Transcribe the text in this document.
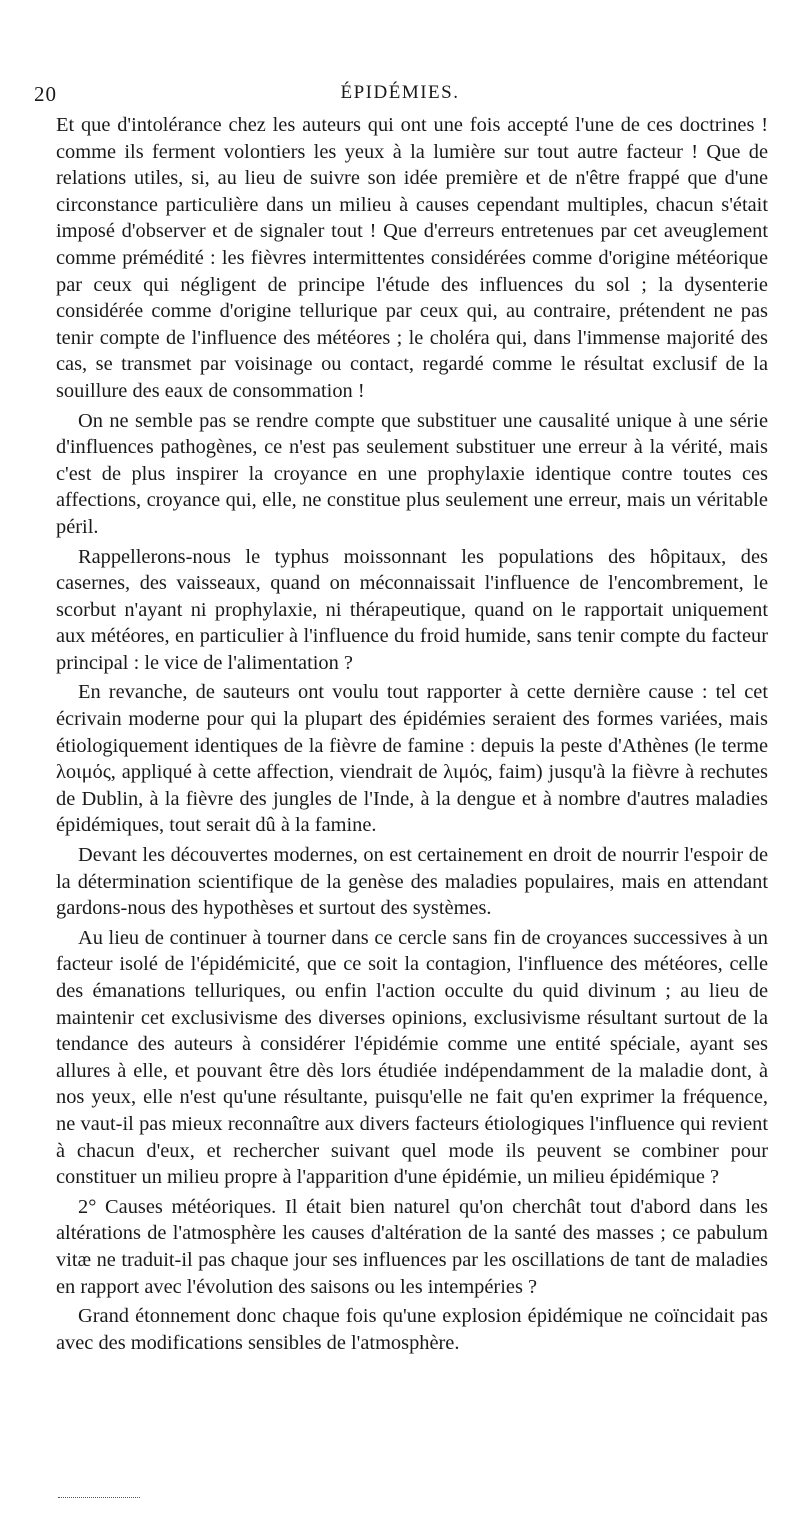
20	ÉPIDÉMIES.

Et que d'intolérance chez les auteurs qui ont une fois accepté l'une de ces doctrines ! comme ils ferment volontiers les yeux à la lumière sur tout autre facteur ! Que de relations utiles, si, au lieu de suivre son idée première et de n'être frappé que d'une circonstance particulière dans un milieu à causes cependant multiples, chacun s'était imposé d'observer et de signaler tout ! Que d'erreurs entretenues par cet aveuglement comme prémédité : les fièvres intermittentes considérées comme d'origine météorique par ceux qui négligent de principe l'étude des influences du sol ; la dysenterie considérée comme d'origine tellurique par ceux qui, au contraire, prétendent ne pas tenir compte de l'influence des météores ; le choléra qui, dans l'immense majorité des cas, se transmet par voisinage ou contact, regardé comme le résultat exclusif de la souillure des eaux de consommation !

On ne semble pas se rendre compte que substituer une causalité unique à une série d'influences pathogènes, ce n'est pas seulement substituer une erreur à la vérité, mais c'est de plus inspirer la croyance en une prophylaxie identique contre toutes ces affections, croyance qui, elle, ne constitue plus seulement une erreur, mais un véritable péril.

Rappellerons-nous le typhus moissonnant les populations des hôpitaux, des casernes, des vaisseaux, quand on méconnaissait l'influence de l'encombrement, le scorbut n'ayant ni prophylaxie, ni thérapeutique, quand on le rapportait uniquement aux météores, en particulier à l'influence du froid humide, sans tenir compte du facteur principal : le vice de l'alimentation ?

En revanche, de sauteurs ont voulu tout rapporter à cette dernière cause : tel cet écrivain moderne pour qui la plupart des épidémies seraient des formes variées, mais étiologiquement identiques de la fièvre de famine : depuis la peste d'Athènes (le terme λοιμός, appliqué à cette affection, viendrait de λιμός, faim) jusqu'à la fièvre à rechutes de Dublin, à la fièvre des jungles de l'Inde, à la dengue et à nombre d'autres maladies épidémiques, tout serait dû à la famine.

Devant les découvertes modernes, on est certainement en droit de nourrir l'espoir de la détermination scientifique de la genèse des maladies populaires, mais en attendant gardons-nous des hypothèses et surtout des systèmes.

Au lieu de continuer à tourner dans ce cercle sans fin de croyances successives à un facteur isolé de l'épidémicité, que ce soit la contagion, l'influence des météores, celle des émanations telluriques, ou enfin l'action occulte du quid divinum ; au lieu de maintenir cet exclusivisme des diverses opinions, exclusivisme résultant surtout de la tendance des auteurs à considérer l'épidémie comme une entité spéciale, ayant ses allures à elle, et pouvant être dès lors étudiée indépendamment de la maladie dont, à nos yeux, elle n'est qu'une résultante, puisqu'elle ne fait qu'en exprimer la fréquence, ne vaut-il pas mieux reconnaître aux divers facteurs étiologiques l'influence qui revient à chacun d'eux, et rechercher suivant quel mode ils peuvent se combiner pour constituer un milieu propre à l'apparition d'une épidémie, un milieu épidémique ?

2° Causes météoriques. Il était bien naturel qu'on cherchât tout d'abord dans les altérations de l'atmosphère les causes d'altération de la santé des masses ; ce pabulum vitæ ne traduit-il pas chaque jour ses influences par les oscillations de tant de maladies en rapport avec l'évolution des saisons ou les intempéries ?

Grand étonnement donc chaque fois qu'une explosion épidémique ne coïncidait pas avec des modifications sensibles de l'atmosphère.
